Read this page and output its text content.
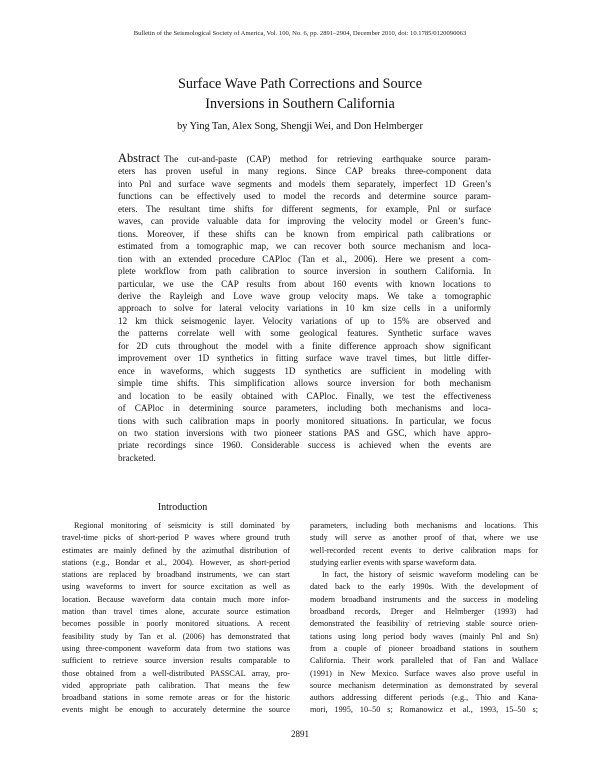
Bulletin of the Seismological Society of America, Vol. 100, No. 6, pp. 2891–2904, December 2010, doi: 10.1785/0120090063
Surface Wave Path Corrections and Source
Inversions in Southern California
by Ying Tan, Alex Song, Shengji Wei, and Don Helmberger
Abstract The cut-and-paste (CAP) method for retrieving earthquake source param-
eters has proven useful in many regions. Since CAP breaks three-component data
into Pnl and surface wave segments and models them separately, imperfect 1D Green’s
functions can be effectively used to model the records and determine source param-
eters. The resultant time shifts for different segments, for example, Pnl or surface
waves, can provide valuable data for improving the velocity model or Green’s func-
tions. Moreover, if these shifts can be known from empirical path calibrations or
estimated from a tomographic map, we can recover both source mechanism and loca-
tion with an extended procedure CAPloc (Tan et al., 2006). Here we present a com-
plete workflow from path calibration to source inversion in southern California. In
particular, we use the CAP results from about 160 events with known locations to
derive the Rayleigh and Love wave group velocity maps. We take a tomographic
approach to solve for lateral velocity variations in 10 km size cells in a uniformly
12 km thick seismogenic layer. Velocity variations of up to 15% are observed and
the patterns correlate well with some geological features. Synthetic surface waves
for 2D cuts throughout the model with a finite difference approach show significant
improvement over 1D synthetics in fitting surface wave travel times, but little differ-
ence in waveforms, which suggests 1D synthetics are sufficient in modeling with
simple time shifts. This simplification allows source inversion for both mechanism
and location to be easily obtained with CAPloc. Finally, we test the effectiveness
of CAPloc in determining source parameters, including both mechanisms and loca-
tions with such calibration maps in poorly monitored situations. In particular, we focus
on two station inversions with two pioneer stations PAS and GSC, which have appro-
priate recordings since 1960. Considerable success is achieved when the events are
bracketed.
Introduction
Regional monitoring of seismicity is still dominated by
travel-time picks of short-period P waves where ground truth
estimates are mainly defined by the azimuthal distribution of
stations (e.g., Bondar et al., 2004). However, as short-period
stations are replaced by broadband instruments, we can start
using waveforms to invert for source excitation as well as
location. Because waveform data contain much more infor-
mation than travel times alone, accurate source estimation
becomes possible in poorly monitored situations. A recent
feasibility study by Tan et al. (2006) has demonstrated that
using three-component waveform data from two stations was
sufficient to retrieve source inversion results comparable to
those obtained from a well-distributed PASSCAL array, pro-
vided appropriate path calibration. That means the few
broadband stations in some remote areas or for the historic
events might be enough to accurately determine the source
parameters, including both mechanisms and locations. This
study will serve as another proof of that, where we use
well-recorded recent events to derive calibration maps for
studying earlier events with sparse waveform data.
In fact, the history of seismic waveform modeling can be
dated back to the early 1990s. With the development of
modern broadband instruments and the success in modeling
broadband records, Dreger and Helmberger (1993) had
demonstrated the feasibility of retrieving stable source orien-
tations using long period body waves (mainly Pnl and Sn)
from a couple of pioneer broadband stations in southern
California. Their work paralleled that of Fan and Wallace
(1991) in New Mexico. Surface waves also prove useful in
source mechanism determination as demonstrated by several
authors addressing different periods (e.g., Thio and Kana-
mori, 1995, 10–50 s; Romanowicz et al., 1993, 15–50 s;
2891
